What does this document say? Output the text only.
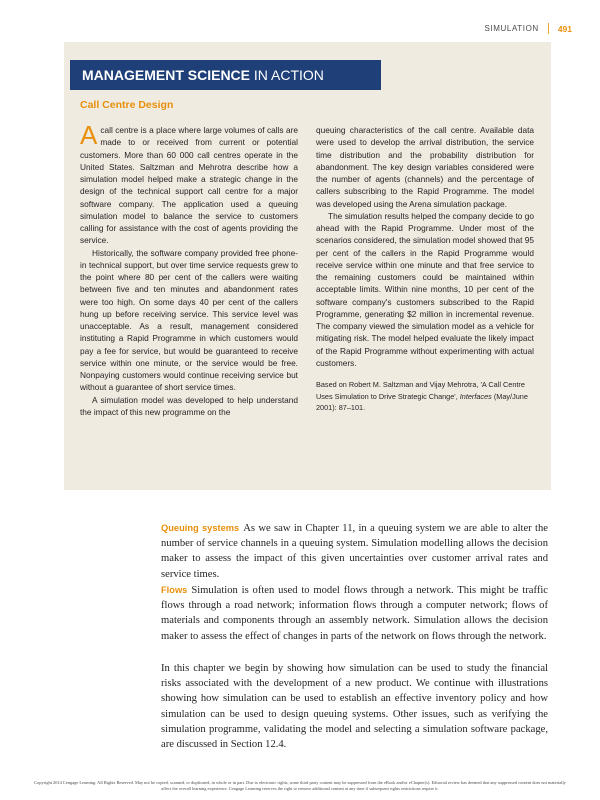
SIMULATION 491
MANAGEMENT SCIENCE IN ACTION
Call Centre Design

Acall centre is a place where large volumes of calls are made to or received from current or potential customers. More than 60 000 call centres operate in the United States. Saltzman and Mehrotra describe how a simulation model helped make a strategic change in the design of the technical support call centre for a major software company. The application used a queuing simulation model to balance the service to customers calling for assistance with the cost of agents providing the service.

Historically, the software company provided free phone-in technical support, but over time service requests grew to the point where 80 per cent of the callers were waiting between five and ten minutes and abandonment rates were too high. On some days 40 per cent of the callers hung up before receiving service. This service level was unacceptable. As a result, management considered instituting a Rapid Programme in which customers would pay a fee for service, but would be guaranteed to receive service within one minute, or the service would be free. Nonpaying customers would continue receiving service but without a guarantee of short service times.

A simulation model was developed to help understand the impact of this new programme on the

queuing characteristics of the call centre. Available data were used to develop the arrival distribution, the service time distribution and the probability distribution for abandonment. The key design variables considered were the number of agents (channels) and the percentage of callers subscribing to the Rapid Programme. The model was developed using the Arena simulation package.

The simulation results helped the company decide to go ahead with the Rapid Programme. Under most of the scenarios considered, the simulation model showed that 95 per cent of the callers in the Rapid Programme would receive service within one minute and that free service to the remaining customers could be maintained within acceptable limits. Within nine months, 10 per cent of the software company's customers subscribed to the Rapid Programme, generating $2 million in incremental revenue. The company viewed the simulation model as a vehicle for mitigating risk. The model helped evaluate the likely impact of the Rapid Programme without experimenting with actual customers.

Based on Robert M. Saltzman and Vijay Mehrotra, 'A Call Centre Uses Simulation to Drive Strategic Change', Interfaces (May/June 2001): 87–101.

Queuing systems As we saw in Chapter 11, in a queuing system we are able to alter the number of service channels in a queuing system. Simulation modelling allows the decision maker to assess the impact of this given uncertainties over customer arrival rates and service times.

Flows Simulation is often used to model flows through a network. This might be traffic flows through a road network; information flows through a computer network; flows of materials and components through an assembly network. Simulation allows the decision maker to assess the effect of changes in parts of the network on flows through the network.

In this chapter we begin by showing how simulation can be used to study the financial risks associated with the development of a new product. We continue with illustrations showing how simulation can be used to establish an effective inventory policy and how simulation can be used to design queuing systems. Other issues, such as verifying the simulation programme, validating the model and selecting a simulation software package, are discussed in Section 12.4.

Copyright 2014 Cengage Learning. All Rights Reserved. May not be copied, scanned, or duplicated, in whole or in part. Due to electronic rights, some third party content may be suppressed from the eBook and/or eChapter(s). Editorial review has deemed that any suppressed content does not materially affect the overall learning experience. Cengage Learning reserves the right to remove additional content at any time if subsequent rights restrictions require it.
